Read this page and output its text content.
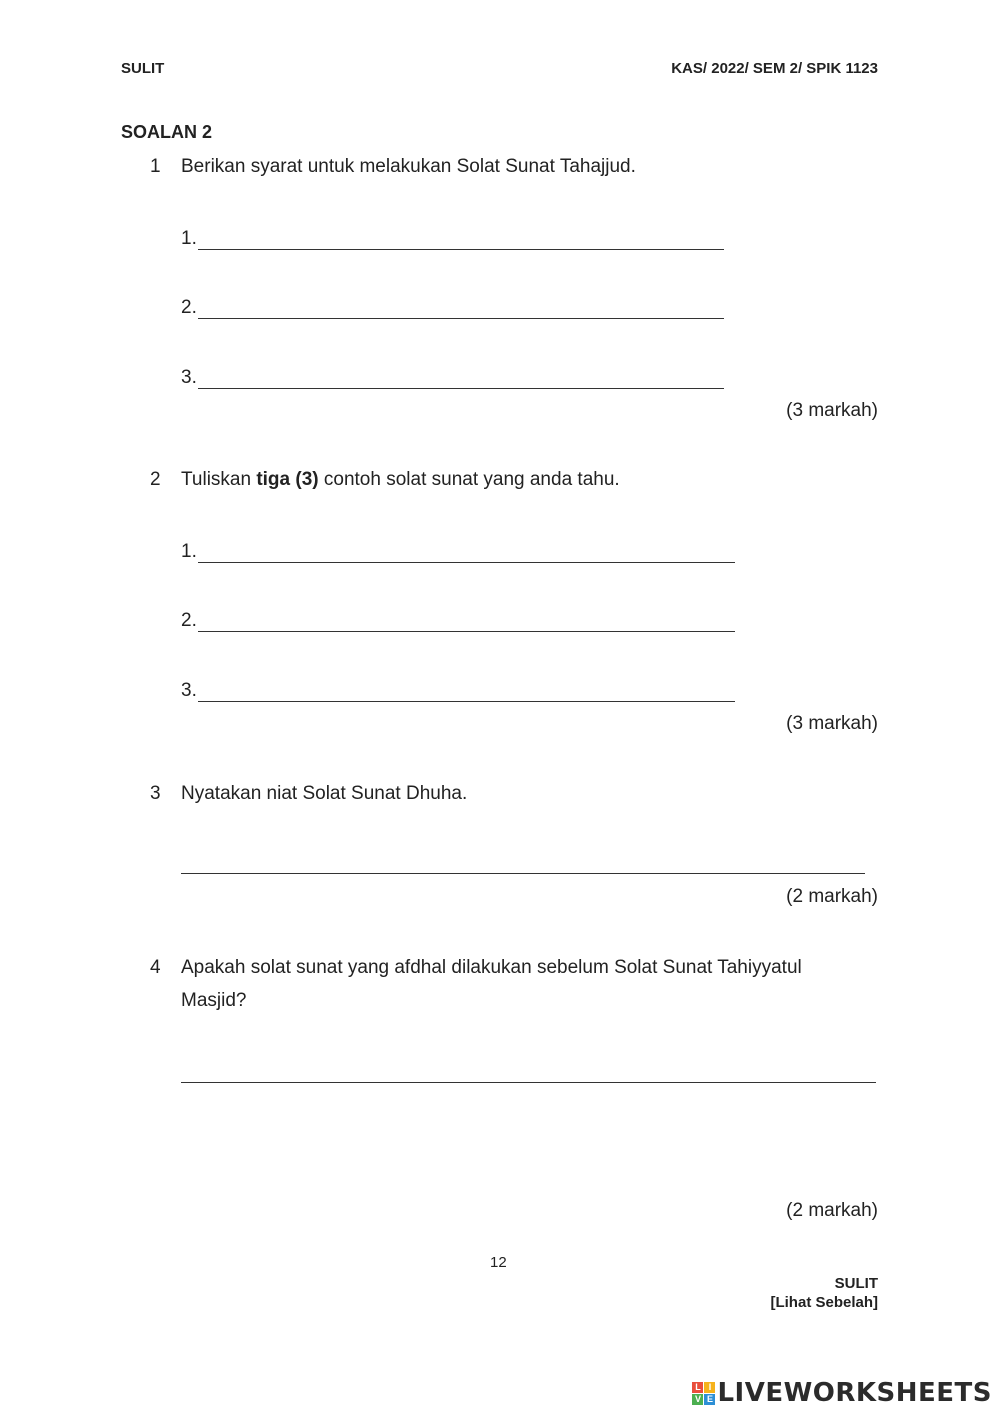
SULIT	KAS/ 2022/ SEM 2/ SPIK 1123
SOALAN 2
1 Berikan syarat untuk melakukan Solat Sunat Tahajjud.
1.
2.
3.
(3 markah)
2 Tuliskan tiga (3) contoh solat sunat yang anda tahu.
1.
2.
3.
(3 markah)
3 Nyatakan niat Solat Sunat Dhuha.
(2 markah)
4 Apakah solat sunat yang afdhal dilakukan sebelum Solat Sunat Tahiyyatul
Masjid?
(2 markah)
12
SULIT
[Lihat Sebelah]
L I
V E LIVEWORKSHEETS
